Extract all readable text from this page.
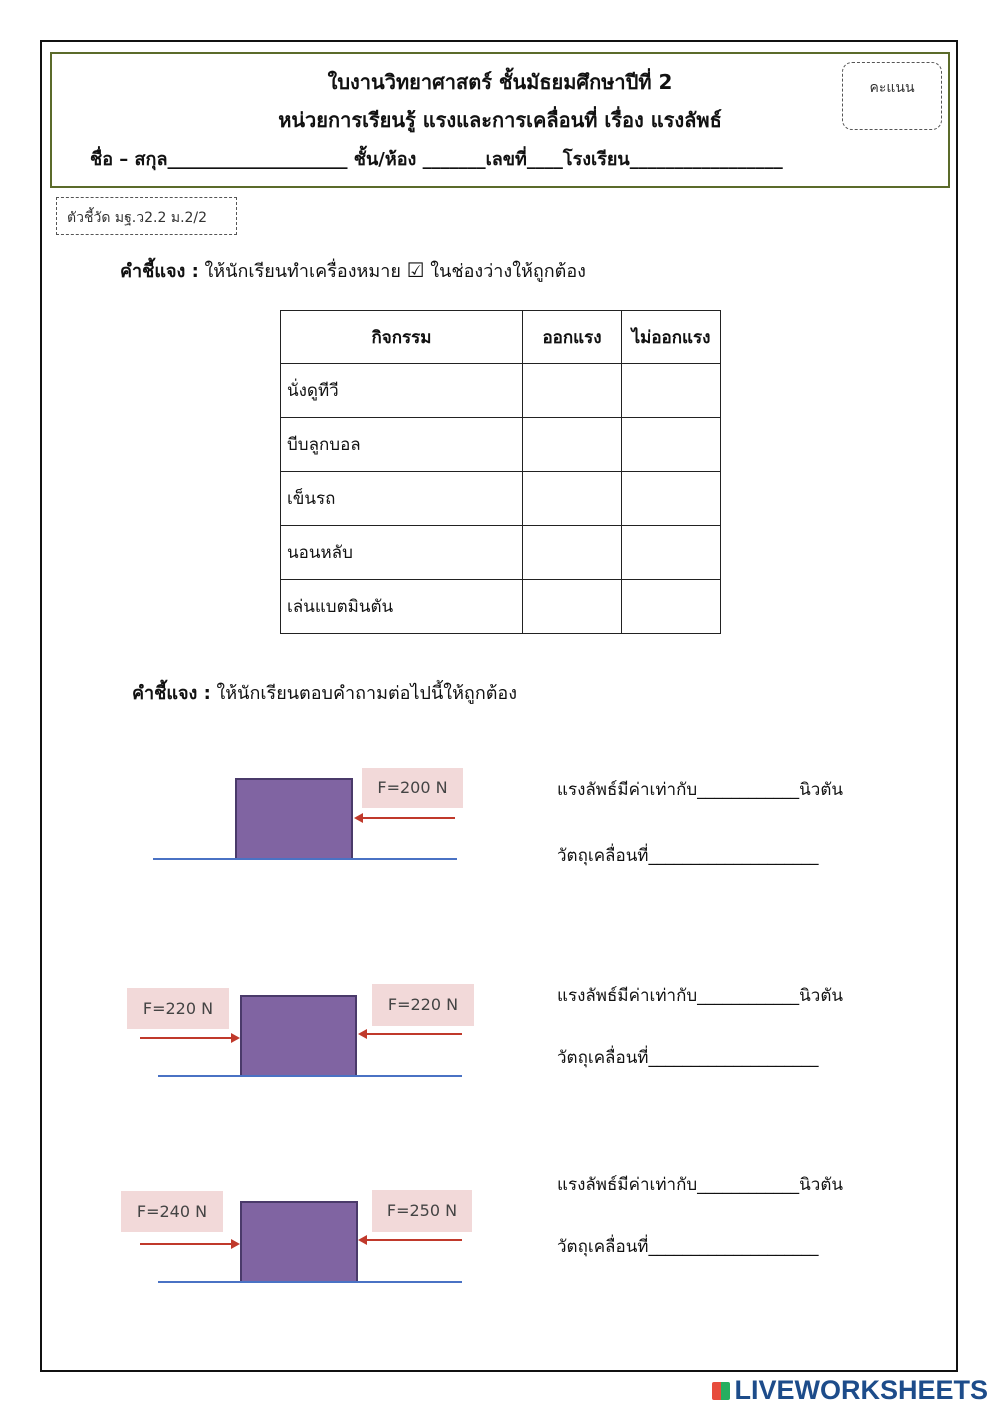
ใบงานวิทยาศาสตร์ ชั้นมัธยมศึกษาปีที่ 2
หน่วยการเรียนรู้ แรงและการเคลื่อนที่ เรื่อง แรงลัพธ์
ชื่อ – สกุล____________________ ชั้น/ห้อง _______เลขที่____โรงเรียน_________________
คะแนน
ตัวชี้วัด มฐ.ว2.2 ม.2/2
คำชี้แจง : ให้นักเรียนทำเครื่องหมาย ☑ ในช่องว่างให้ถูกต้อง
กิจกรรม	ออกแรง	ไม่ออกแรง
นั่งดูทีวี		
บีบลูกบอล		
เข็นรถ		
นอนหลับ		
เล่นแบตมินตัน		
คำชี้แจง : ให้นักเรียนตอบคำถามต่อไปนี้ให้ถูกต้อง
F=200 N	แรงลัพธ์มีค่าเท่ากับ____________นิวตัน
วัตถุเคลื่อนที่____________________
F=220 N	F=220 N	แรงลัพธ์มีค่าเท่ากับ____________นิวตัน
วัตถุเคลื่อนที่____________________
F=240 N	F=250 N
แรงลัพธ์มีค่าเท่ากับ____________นิวตัน
วัตถุเคลื่อนที่____________________
LIVEWORKSHEETS
